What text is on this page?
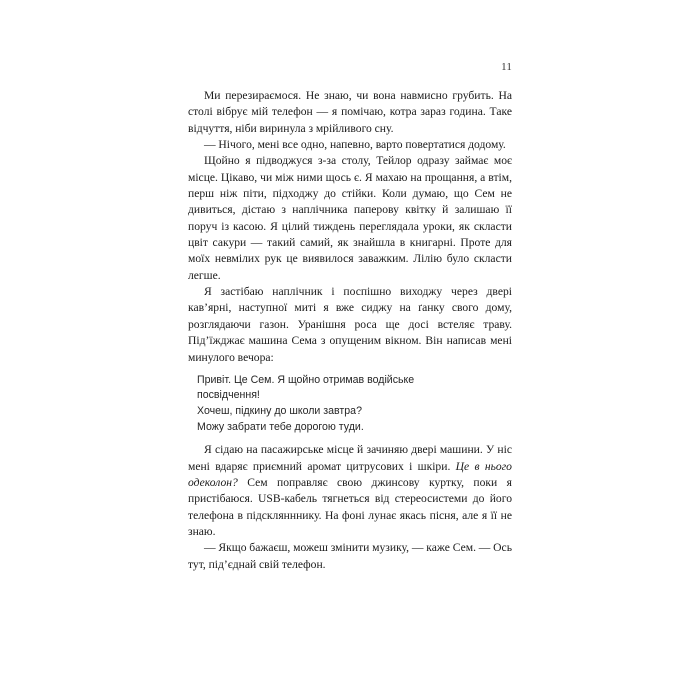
11

Ми перезираємося. Не знаю, чи вона навмисно грубить. На столі вібрує мій телефон — я помічаю, котра зараз година. Таке відчуття, ніби виринула з мрійливого сну.

— Нічого, мені все одно, напевно, варто повертатися додому.

Щойно я підводжуся з-за столу, Тейлор одразу займає моє місце. Цікаво, чи між ними щось є. Я махаю на прощання, а втім, перш ніж піти, підходжу до стійки. Коли думаю, що Сем не дивиться, дістаю з наплічника паперову квітку й залишаю її поруч із касою. Я цілий тиждень переглядала уроки, як скласти цвіт сакури — такий самий, як знайшла в книгарні. Проте для моїх невмілих рук це виявилося заважким. Лілію було скласти легше.

Я застібаю наплічник і поспішно виходжу через двері кав’ярні, наступної миті я вже сиджу на ґанку свого дому, розглядаючи газон. Уранішня роса ще досі встеляє траву. Під’їжджає машина Сема з опущеним вікном. Він написав мені минулого вечора:

Привіт. Це Сем. Я щойно отримав водійське
посвідчення!
Хочеш, підкину до школи завтра?
Можу забрати тебе дорогою туди.

Я сідаю на пасажирське місце й зачиняю двері машини. У ніс мені вдаряє приємний аромат цитрусових і шкіри. Це в нього одеколон? Сем поправляє свою джинсову куртку, поки я пристібаюся. USB-кабель тягнеться від стереосистеми до його телефона в підсклянннику. На фоні лунає якась пісня, але я її не знаю.

— Якщо бажаєш, можеш змінити музику, — каже Сем. — Ось тут, під’єднай свій телефон.
